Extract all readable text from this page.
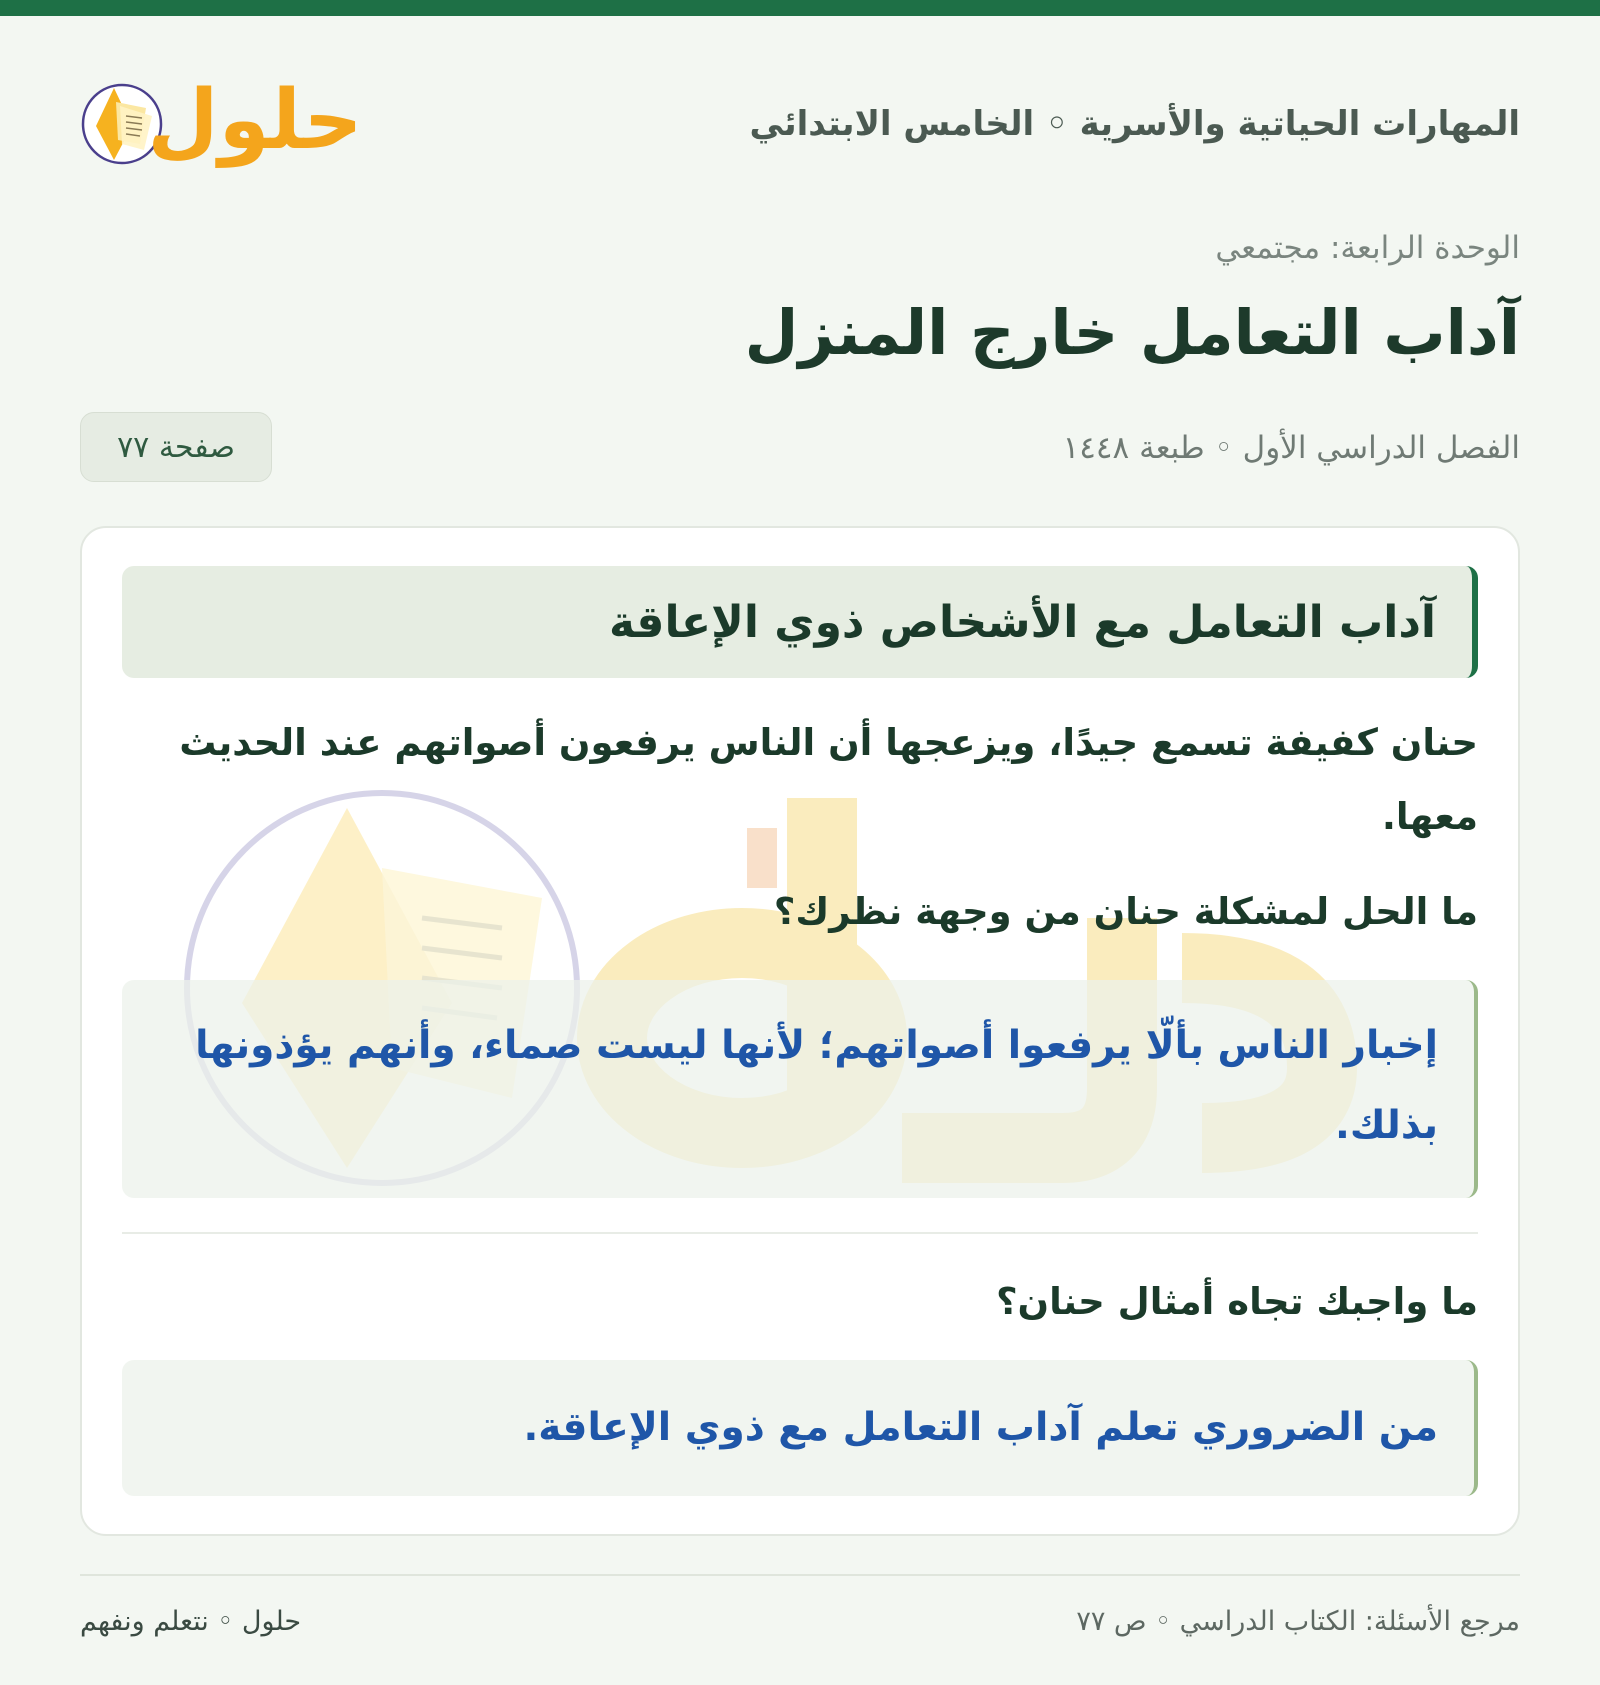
المهارات الحياتية والأسرية ◦ الخامس الابتدائي
حلول
الوحدة الرابعة: مجتمعي
آداب التعامل خارج المنزل
الفصل الدراسي الأول ◦ طبعة ١٤٤٨
صفحة ٧٧
آداب التعامل مع الأشخاص ذوي الإعاقة
حنان كفيفة تسمع جيدًا، ويزعجها أن الناس يرفعون أصواتهم عند الحديث معها.
ما الحل لمشكلة حنان من وجهة نظرك؟
إخبار الناس بألّا يرفعوا أصواتهم؛ لأنها ليست صماء، وأنهم يؤذونها بذلك.
ما واجبك تجاه أمثال حنان؟
من الضروري تعلم آداب التعامل مع ذوي الإعاقة.
مرجع الأسئلة: الكتاب الدراسي ◦ ص ٧٧
حلول ◦ نتعلم ونفهم
